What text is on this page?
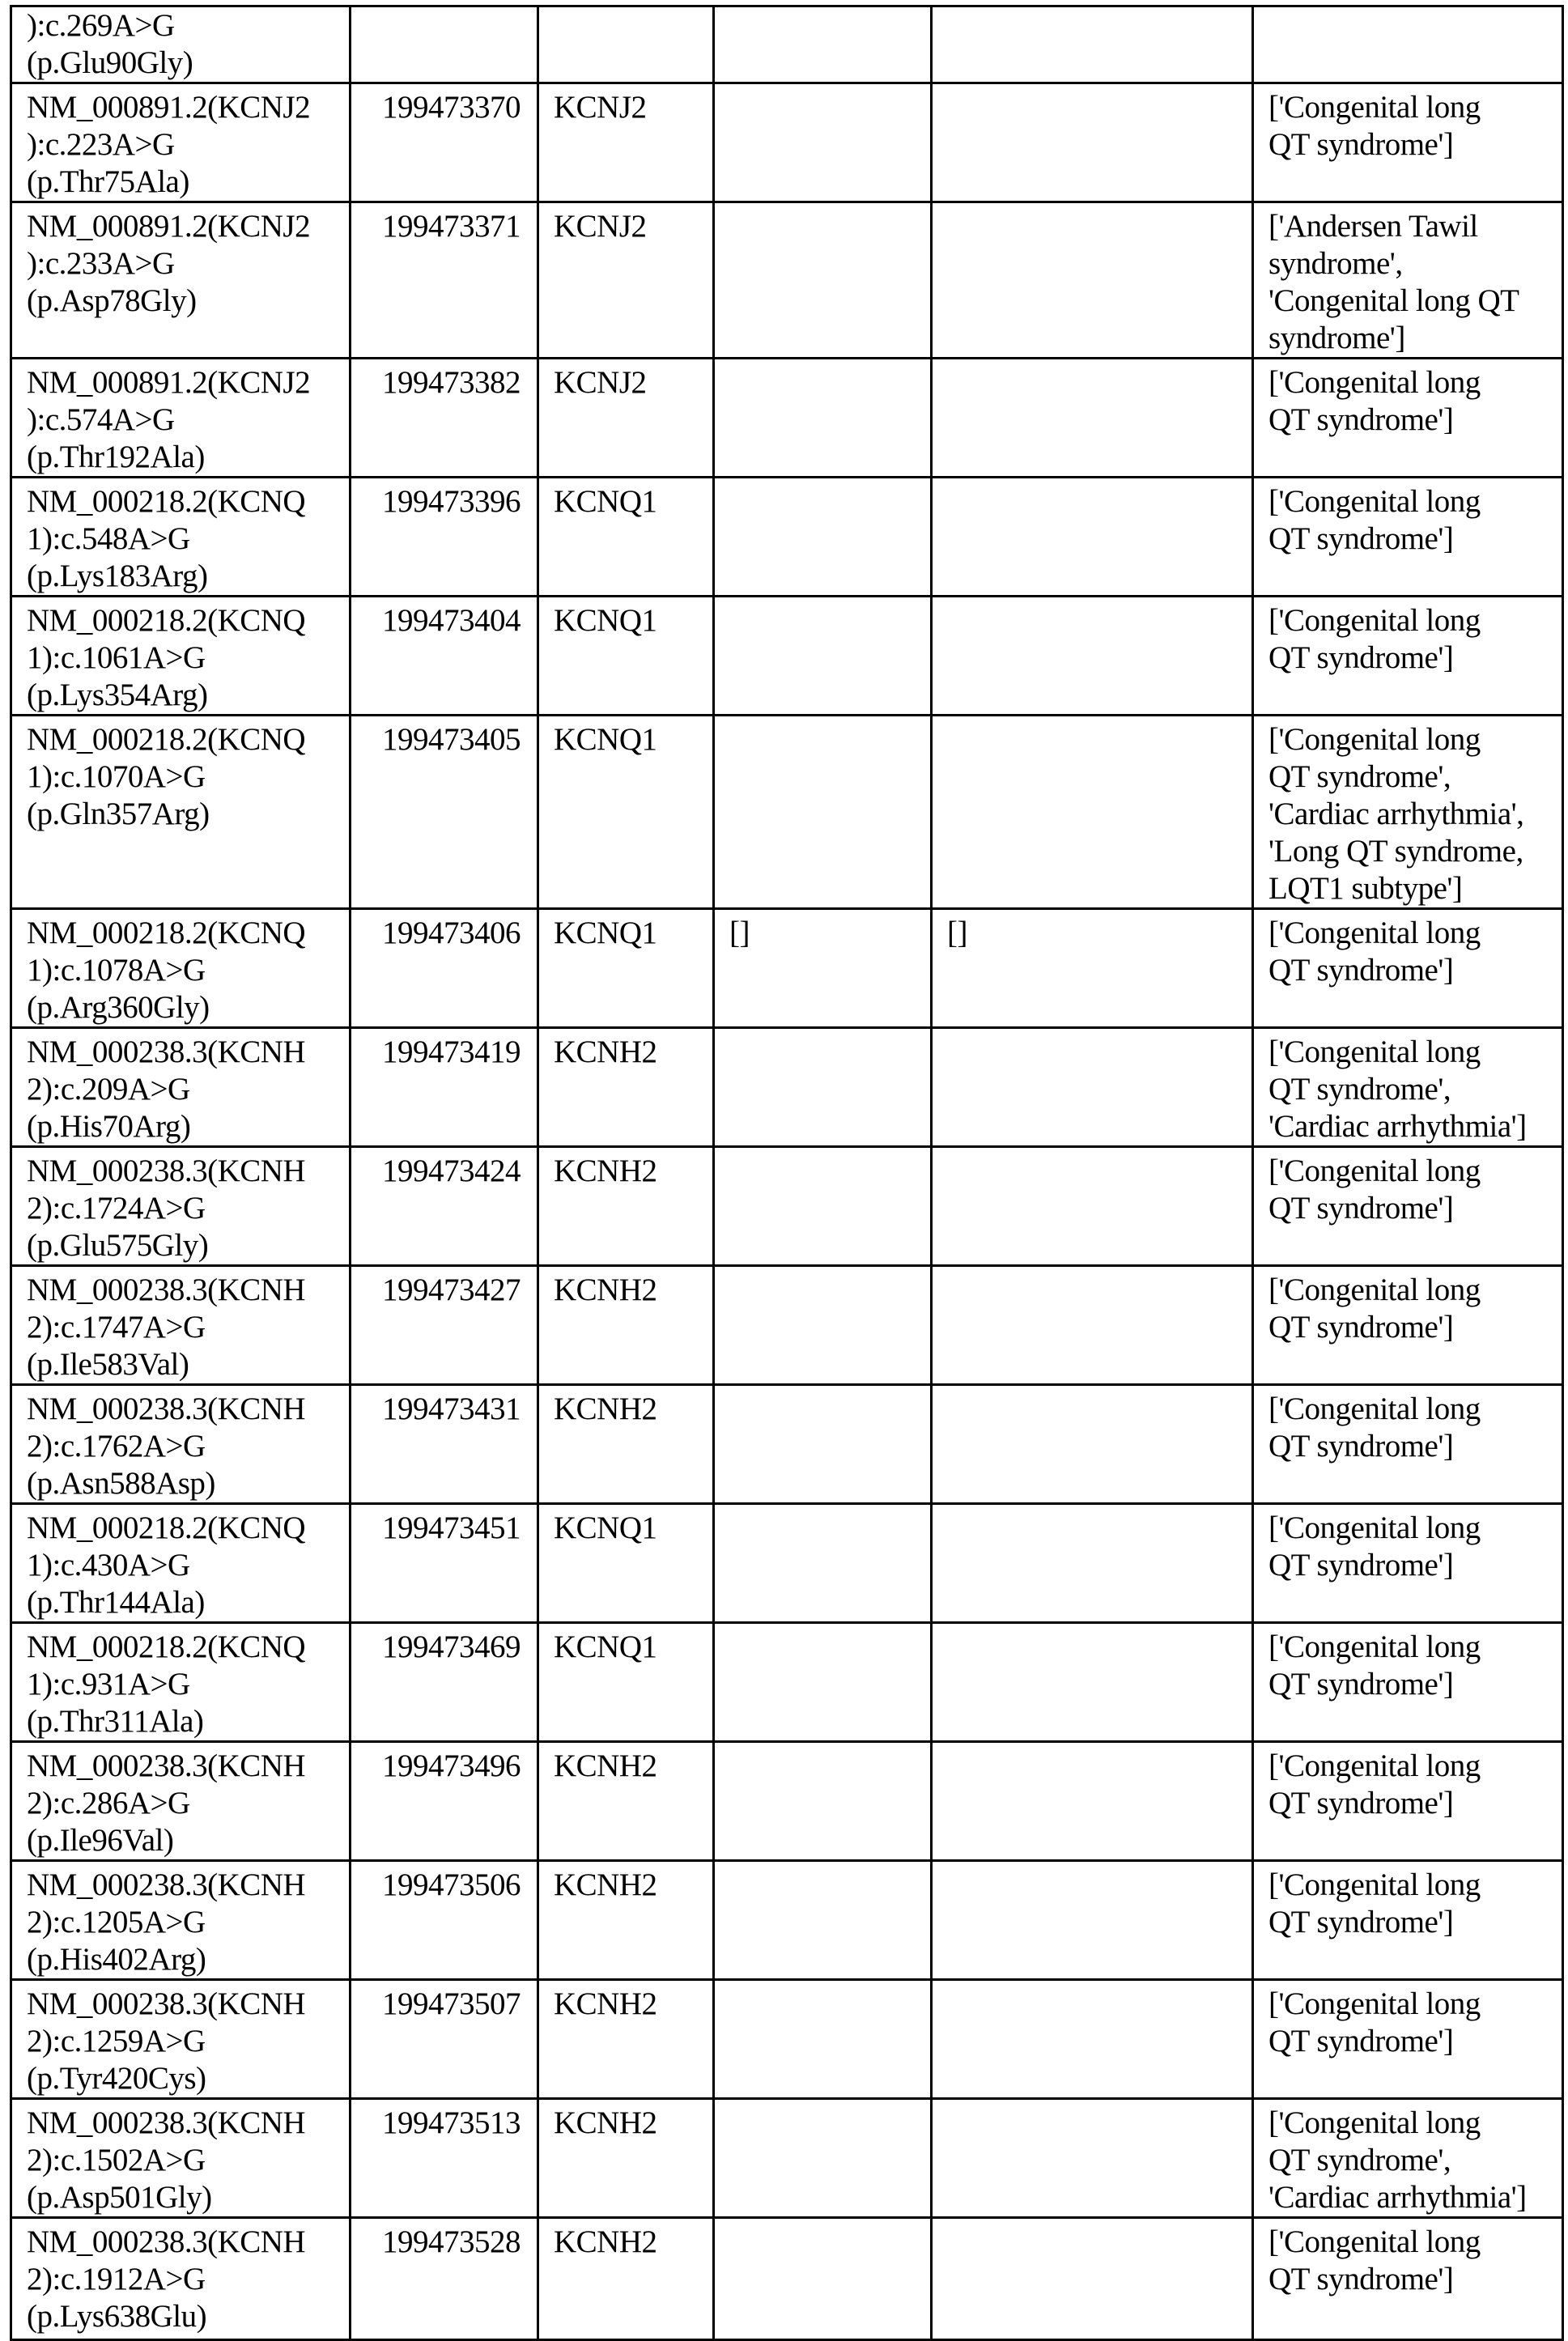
):c.269A>G
(p.Glu90Gly)					
NM_000891.2(KCNJ2
):c.223A>G
(p.Thr75Ala)	199473370	KCNJ2			['Congenital long
QT syndrome']
NM_000891.2(KCNJ2
):c.233A>G
(p.Asp78Gly)	199473371	KCNJ2			['Andersen Tawil
syndrome',
'Congenital long QT
syndrome']
NM_000891.2(KCNJ2
):c.574A>G
(p.Thr192Ala)	199473382	KCNJ2			['Congenital long
QT syndrome']
NM_000218.2(KCNQ
1):c.548A>G
(p.Lys183Arg)	199473396	KCNQ1			['Congenital long
QT syndrome']
NM_000218.2(KCNQ
1):c.1061A>G
(p.Lys354Arg)	199473404	KCNQ1			['Congenital long
QT syndrome']
NM_000218.2(KCNQ
1):c.1070A>G
(p.Gln357Arg)	199473405	KCNQ1			['Congenital long
QT syndrome',
'Cardiac arrhythmia',
'Long QT syndrome,
LQT1 subtype']
NM_000218.2(KCNQ
1):c.1078A>G
(p.Arg360Gly)	199473406	KCNQ1	[]	[]	['Congenital long
QT syndrome']
NM_000238.3(KCNH
2):c.209A>G
(p.His70Arg)	199473419	KCNH2			['Congenital long
QT syndrome',
'Cardiac arrhythmia']
NM_000238.3(KCNH
2):c.1724A>G
(p.Glu575Gly)	199473424	KCNH2			['Congenital long
QT syndrome']
NM_000238.3(KCNH
2):c.1747A>G
(p.Ile583Val)	199473427	KCNH2			['Congenital long
QT syndrome']
NM_000238.3(KCNH
2):c.1762A>G
(p.Asn588Asp)	199473431	KCNH2			['Congenital long
QT syndrome']
NM_000218.2(KCNQ
1):c.430A>G
(p.Thr144Ala)	199473451	KCNQ1			['Congenital long
QT syndrome']
NM_000218.2(KCNQ
1):c.931A>G
(p.Thr311Ala)	199473469	KCNQ1			['Congenital long
QT syndrome']
NM_000238.3(KCNH
2):c.286A>G
(p.Ile96Val)	199473496	KCNH2			['Congenital long
QT syndrome']
NM_000238.3(KCNH
2):c.1205A>G
(p.His402Arg)	199473506	KCNH2			['Congenital long
QT syndrome']
NM_000238.3(KCNH
2):c.1259A>G
(p.Tyr420Cys)	199473507	KCNH2			['Congenital long
QT syndrome']
NM_000238.3(KCNH
2):c.1502A>G
(p.Asp501Gly)	199473513	KCNH2			['Congenital long
QT syndrome',
'Cardiac arrhythmia']
NM_000238.3(KCNH
2):c.1912A>G
(p.Lys638Glu)	199473528	KCNH2			['Congenital long
QT syndrome']
